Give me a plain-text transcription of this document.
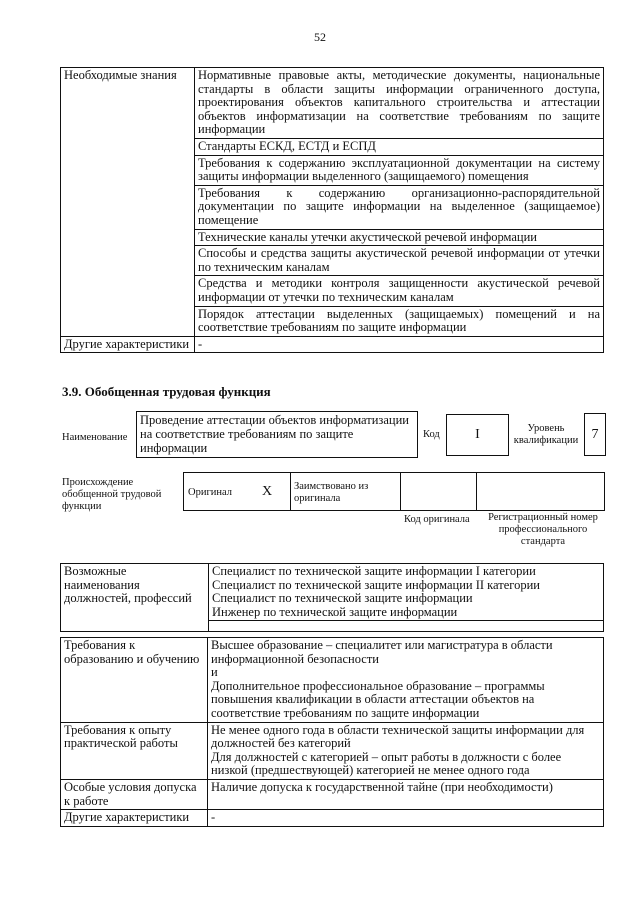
52
Необходимые знания	Нормативные правовые акты, методические документы, национальные стандарты в области защиты информации ограниченного доступа, проектирования объектов капитального строительства и аттестации объектов информатизации на соответствие требованиям по защите информации
	Стандарты ЕСКД, ЕСТД и ЕСПД
	Требования к содержанию эксплуатационной документации на систему защиты информации выделенного (защищаемого) помещения
	Требования к содержанию организационно-распорядительной документации по защите информации на выделенное (защищаемое) помещение
	Технические каналы утечки акустической речевой информации
	Способы и средства защиты акустической речевой информации от утечки по техническим каналам
	Средства и методики контроля защищенности акустической речевой информации от утечки по техническим каналам
	Порядок аттестации выделенных (защищаемых) помещений и на соответствие требованиям по защите информации
Другие характеристики	-
3.9. Обобщенная трудовая функция
Наименование
Проведение аттестации объектов информатизации на соответствие требованиям по защите информации
Код	I	Уровень квалификации 7
Происхождение обобщенной трудовой функции
Оригинал X Заимствовано из оригинала
Код оригинала	Регистрационный номер профессионального стандарта
Возможные наименования должностей, профессий	
Специалист по технической защите информации I категории
Специалист по технической защите информации II категории
Специалист по технической защите информации
Инженер по технической защите информации

Требования к образованию и обучению	Высшее образование – специалитет или магистратура в области информационной безопасности
и
Дополнительное профессиональное образование – программы повышения квалификации в области аттестации объектов на соответствие требованиям по защите информации

Требования к опыту практической работы	Не менее одного года в области технической защиты информации для должностей без категорий
Для должностей с категорией – опыт работы в должности с более низкой (предшествующей) категорией не менее одного года

Особые условия допуска к работе	Наличие допуска к государственной тайне (при необходимости)
Другие характеристики	-
